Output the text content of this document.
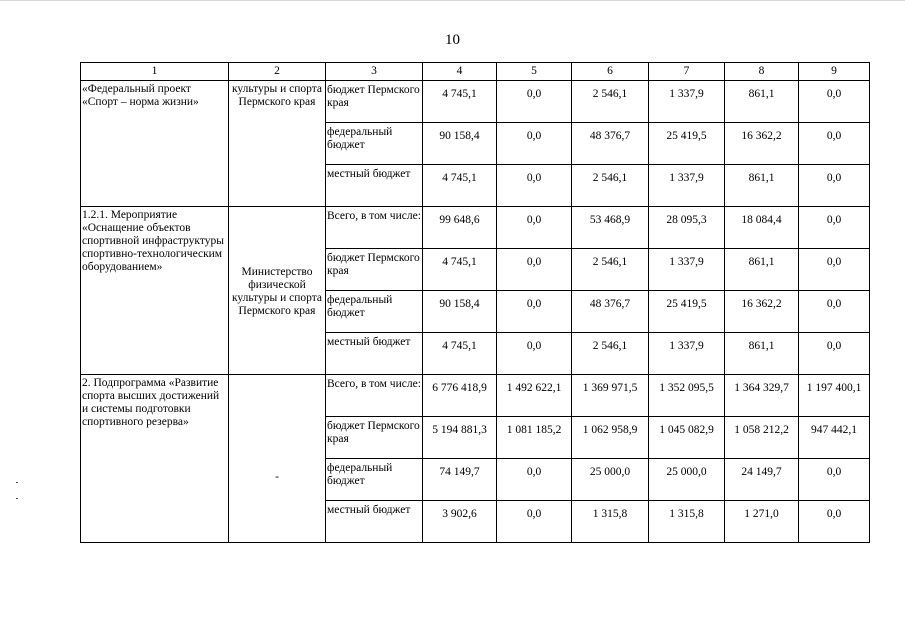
10
1	2	3	4	5	6	7	8	9
«Федеральный проект «Спорт – норма жизни»	культуры и спорта Пермского края	бюджет Пермского края	4 745,1	0,0	2 546,1	1 337,9	861,1	0,0
		федеральный бюджет	90 158,4	0,0	48 376,7	25 419,5	16 362,2	0,0
		местный бюджет	4 745,1	0,0	2 546,1	1 337,9	861,1	0,0
1.2.1. Мероприятие «Оснащение объектов спортивной инфраструктуры спортивно-технологическим оборудованием»	Министерство физической культуры и спорта Пермского края	Всего, в том числе:	99 648,6	0,0	53 468,9	28 095,3	18 084,4	0,0
		бюджет Пермского края	4 745,1	0,0	2 546,1	1 337,9	861,1	0,0
		федеральный бюджет	90 158,4	0,0	48 376,7	25 419,5	16 362,2	0,0
		местный бюджет	4 745,1	0,0	2 546,1	1 337,9	861,1	0,0
2. Подпрограмма «Развитие спорта высших достижений и системы подготовки спортивного резерва»	-	Всего, в том числе:	6 776 418,9	1 492 622,1	1 369 971,5	1 352 095,5	1 364 329,7	1 197 400,1
		бюджет Пермского края	5 194 881,3	1 081 185,2	1 062 958,9	1 045 082,9	1 058 212,2	947 442,1
		федеральный бюджет	74 149,7	0,0	25 000,0	25 000,0	24 149,7	0,0
		местный бюджет	3 902,6	0,0	1 315,8	1 315,8	1 271,0	0,0
